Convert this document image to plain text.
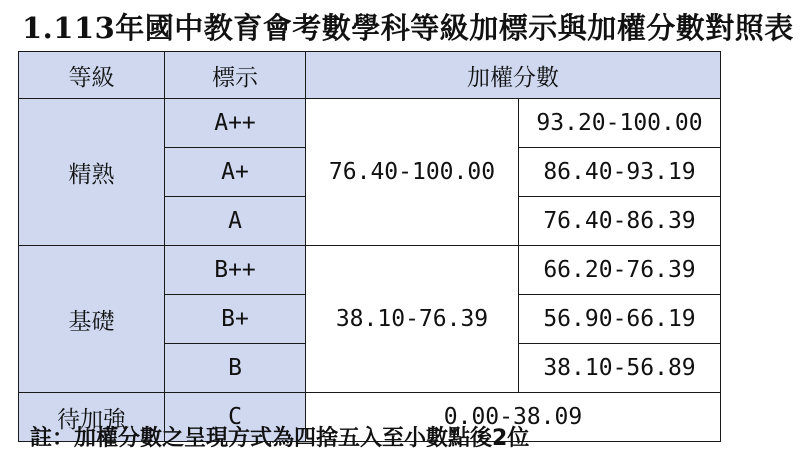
1.113年國中教育會考數學科等級加標示與加權分數對照表
等級	標示	加權分數	
精熟	A++	76.40-100.00	93.20-100.00
	A+		86.40-93.19
	A		76.40-86.39
基礎	B++	38.10-76.39	66.20-76.39
	B+		56.90-66.19
	B		38.10-56.89
待加強	C	0.00-38.09	
註：加權分數之呈現方式為四捨五入至小數點後2位
